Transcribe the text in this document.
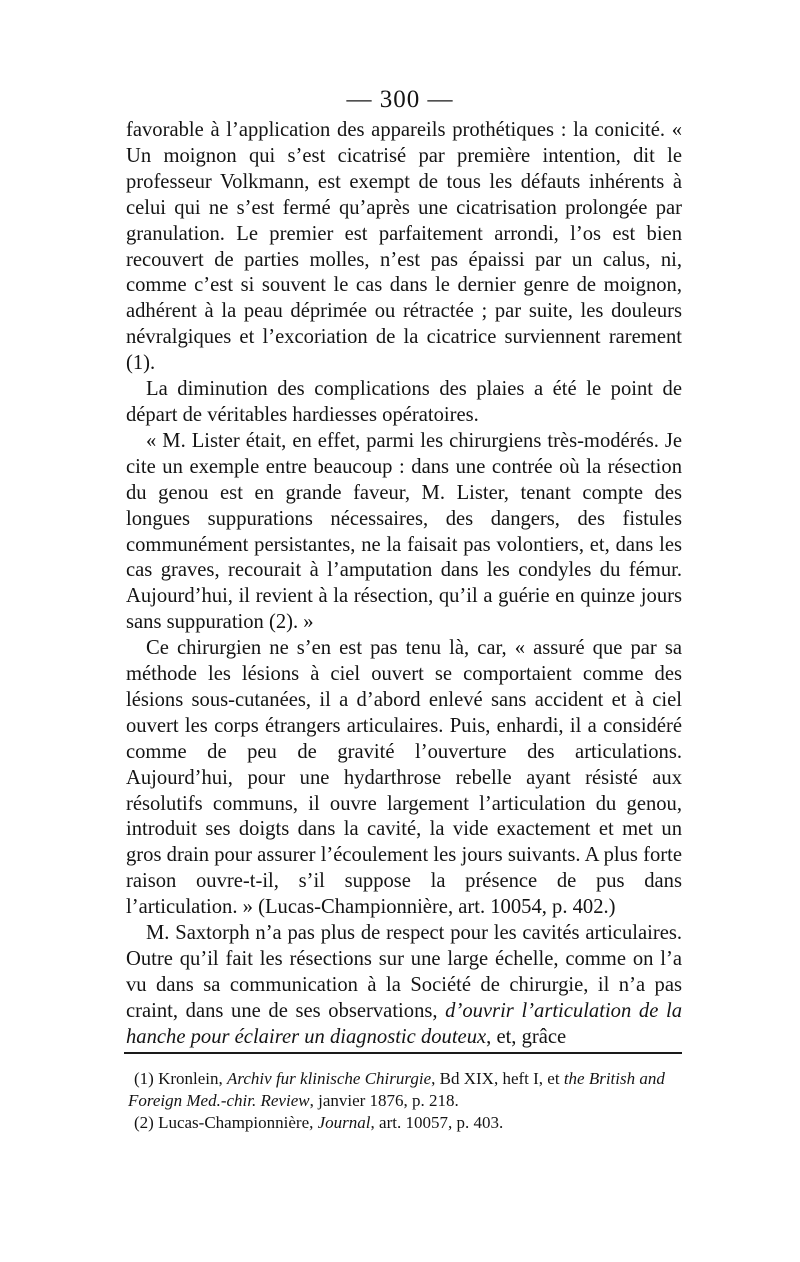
— 300 —

favorable à l’application des appareils prothétiques : la conicité. « Un moignon qui s’est cicatrisé par première intention, dit le professeur Volkmann, est exempt de tous les défauts inhérents à celui qui ne s’est fermé qu’après une cicatrisation prolongée par granulation. Le premier est parfaitement arrondi, l’os est bien recouvert de parties molles, n’est pas épaissi par un calus, ni, comme c’est si souvent le cas dans le dernier genre de moignon, adhérent à la peau déprimée ou rétractée ; par suite, les douleurs névralgiques et l’excoriation de la cicatrice surviennent rarement (1).

La diminution des complications des plaies a été le point de départ de véritables hardiesses opératoires.

« M. Lister était, en effet, parmi les chirurgiens très-modérés. Je cite un exemple entre beaucoup : dans une contrée où la résection du genou est en grande faveur, M. Lister, tenant compte des longues suppurations nécessaires, des dangers, des fistules communément persistantes, ne la faisait pas volontiers, et, dans les cas graves, recourait à l’amputation dans les condyles du fémur. Aujourd’hui, il revient à la résection, qu’il a guérie en quinze jours sans suppuration (2). »

Ce chirurgien ne s’en est pas tenu là, car, « assuré que par sa méthode les lésions à ciel ouvert se comportaient comme des lésions sous-cutanées, il a d’abord enlevé sans accident et à ciel ouvert les corps étrangers articulaires. Puis, enhardi, il a considéré comme de peu de gravité l’ouverture des articulations. Aujourd’hui, pour une hydarthrose rebelle ayant résisté aux résolutifs communs, il ouvre largement l’articulation du genou, introduit ses doigts dans la cavité, la vide exactement et met un gros drain pour assurer l’écoulement les jours suivants. A plus forte raison ouvre-t-il, s’il suppose la présence de pus dans l’articulation. » (Lucas-Championnière, art. 10054, p. 402.)

M. Saxtorph n’a pas plus de respect pour les cavités articulaires. Outre qu’il fait les résections sur une large échelle, comme on l’a vu dans sa communication à la Société de chirurgie, il n’a pas craint, dans une de ses observations, d’ouvrir l’articulation de la hanche pour éclairer un diagnostic douteux, et, grâce

(1) Kronlein, Archiv fur klinische Chirurgie, Bd XIX, heft I, et the British and Foreign Med.-chir. Review, janvier 1876, p. 218.

(2) Lucas-Championnière, Journal, art. 10057, p. 403.
